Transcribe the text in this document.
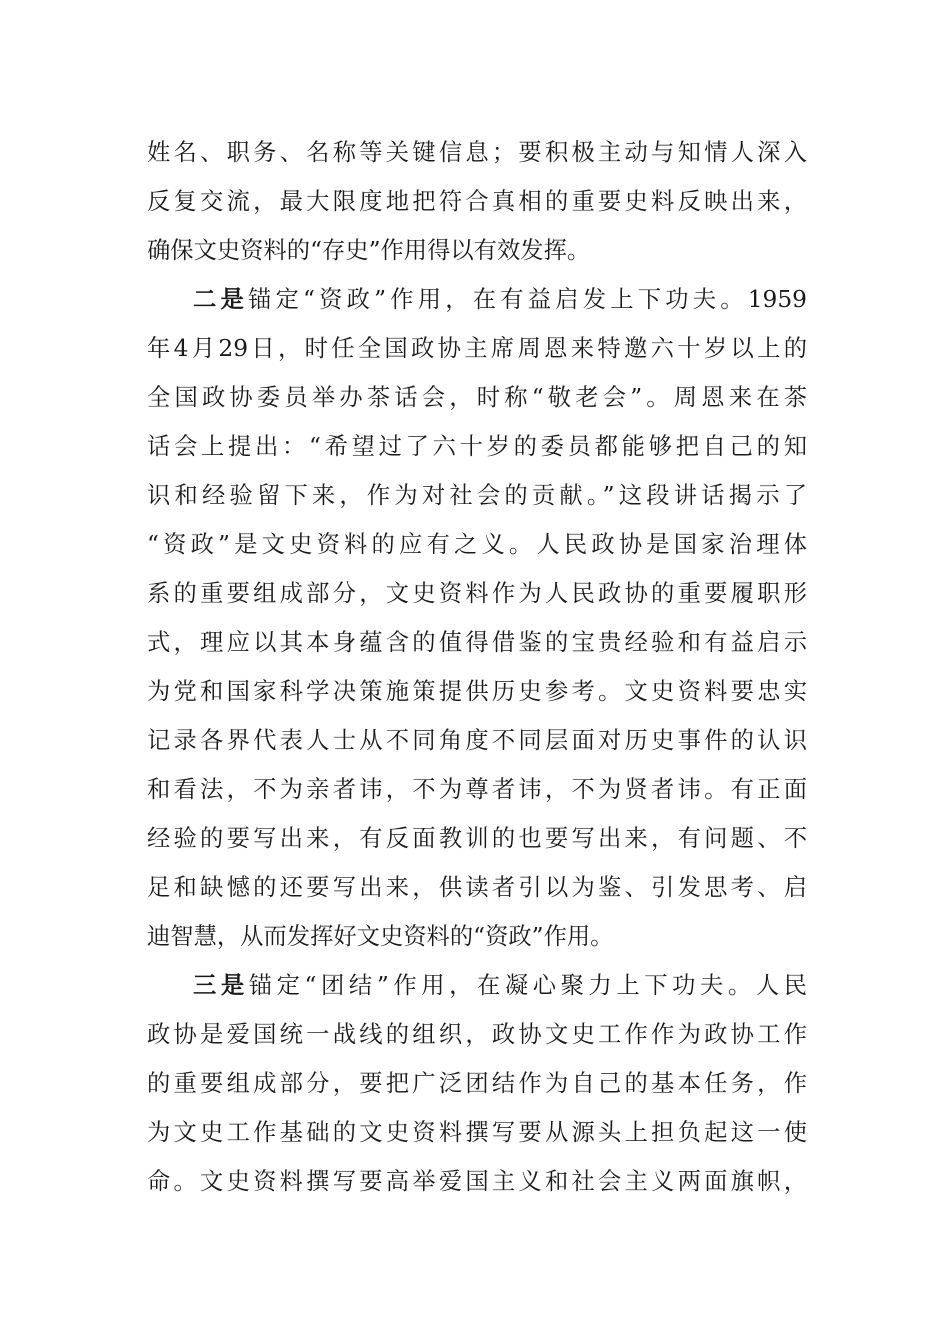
姓名、职务、名称等关键信息；要积极主动与知情人深入
反复交流，最大限度地把符合真相的重要史料反映出来，
确保文史资料的“存史”作用得以有效发挥。
二是锚定“资政”作用，在有益启发上下功夫。1959
年4月29日，时任全国政协主席周恩来特邀六十岁以上的
全国政协委员举办茶话会，时称“敬老会”。周恩来在茶
话会上提出：“希望过了六十岁的委员都能够把自己的知
识和经验留下来，作为对社会的贡献。”这段讲话揭示了
“资政”是文史资料的应有之义。人民政协是国家治理体
系的重要组成部分，文史资料作为人民政协的重要履职形
式，理应以其本身蕴含的值得借鉴的宝贵经验和有益启示
为党和国家科学决策施策提供历史参考。文史资料要忠实
记录各界代表人士从不同角度不同层面对历史事件的认识
和看法，不为亲者讳，不为尊者讳，不为贤者讳。有正面
经验的要写出来，有反面教训的也要写出来，有问题、不
足和缺憾的还要写出来，供读者引以为鉴、引发思考、启
迪智慧，从而发挥好文史资料的“资政”作用。
三是锚定“团结”作用，在凝心聚力上下功夫。人民
政协是爱国统一战线的组织，政协文史工作作为政协工作
的重要组成部分，要把广泛团结作为自己的基本任务，作
为文史工作基础的文史资料撰写要从源头上担负起这一使
命。文史资料撰写要高举爱国主义和社会主义两面旗帜，
